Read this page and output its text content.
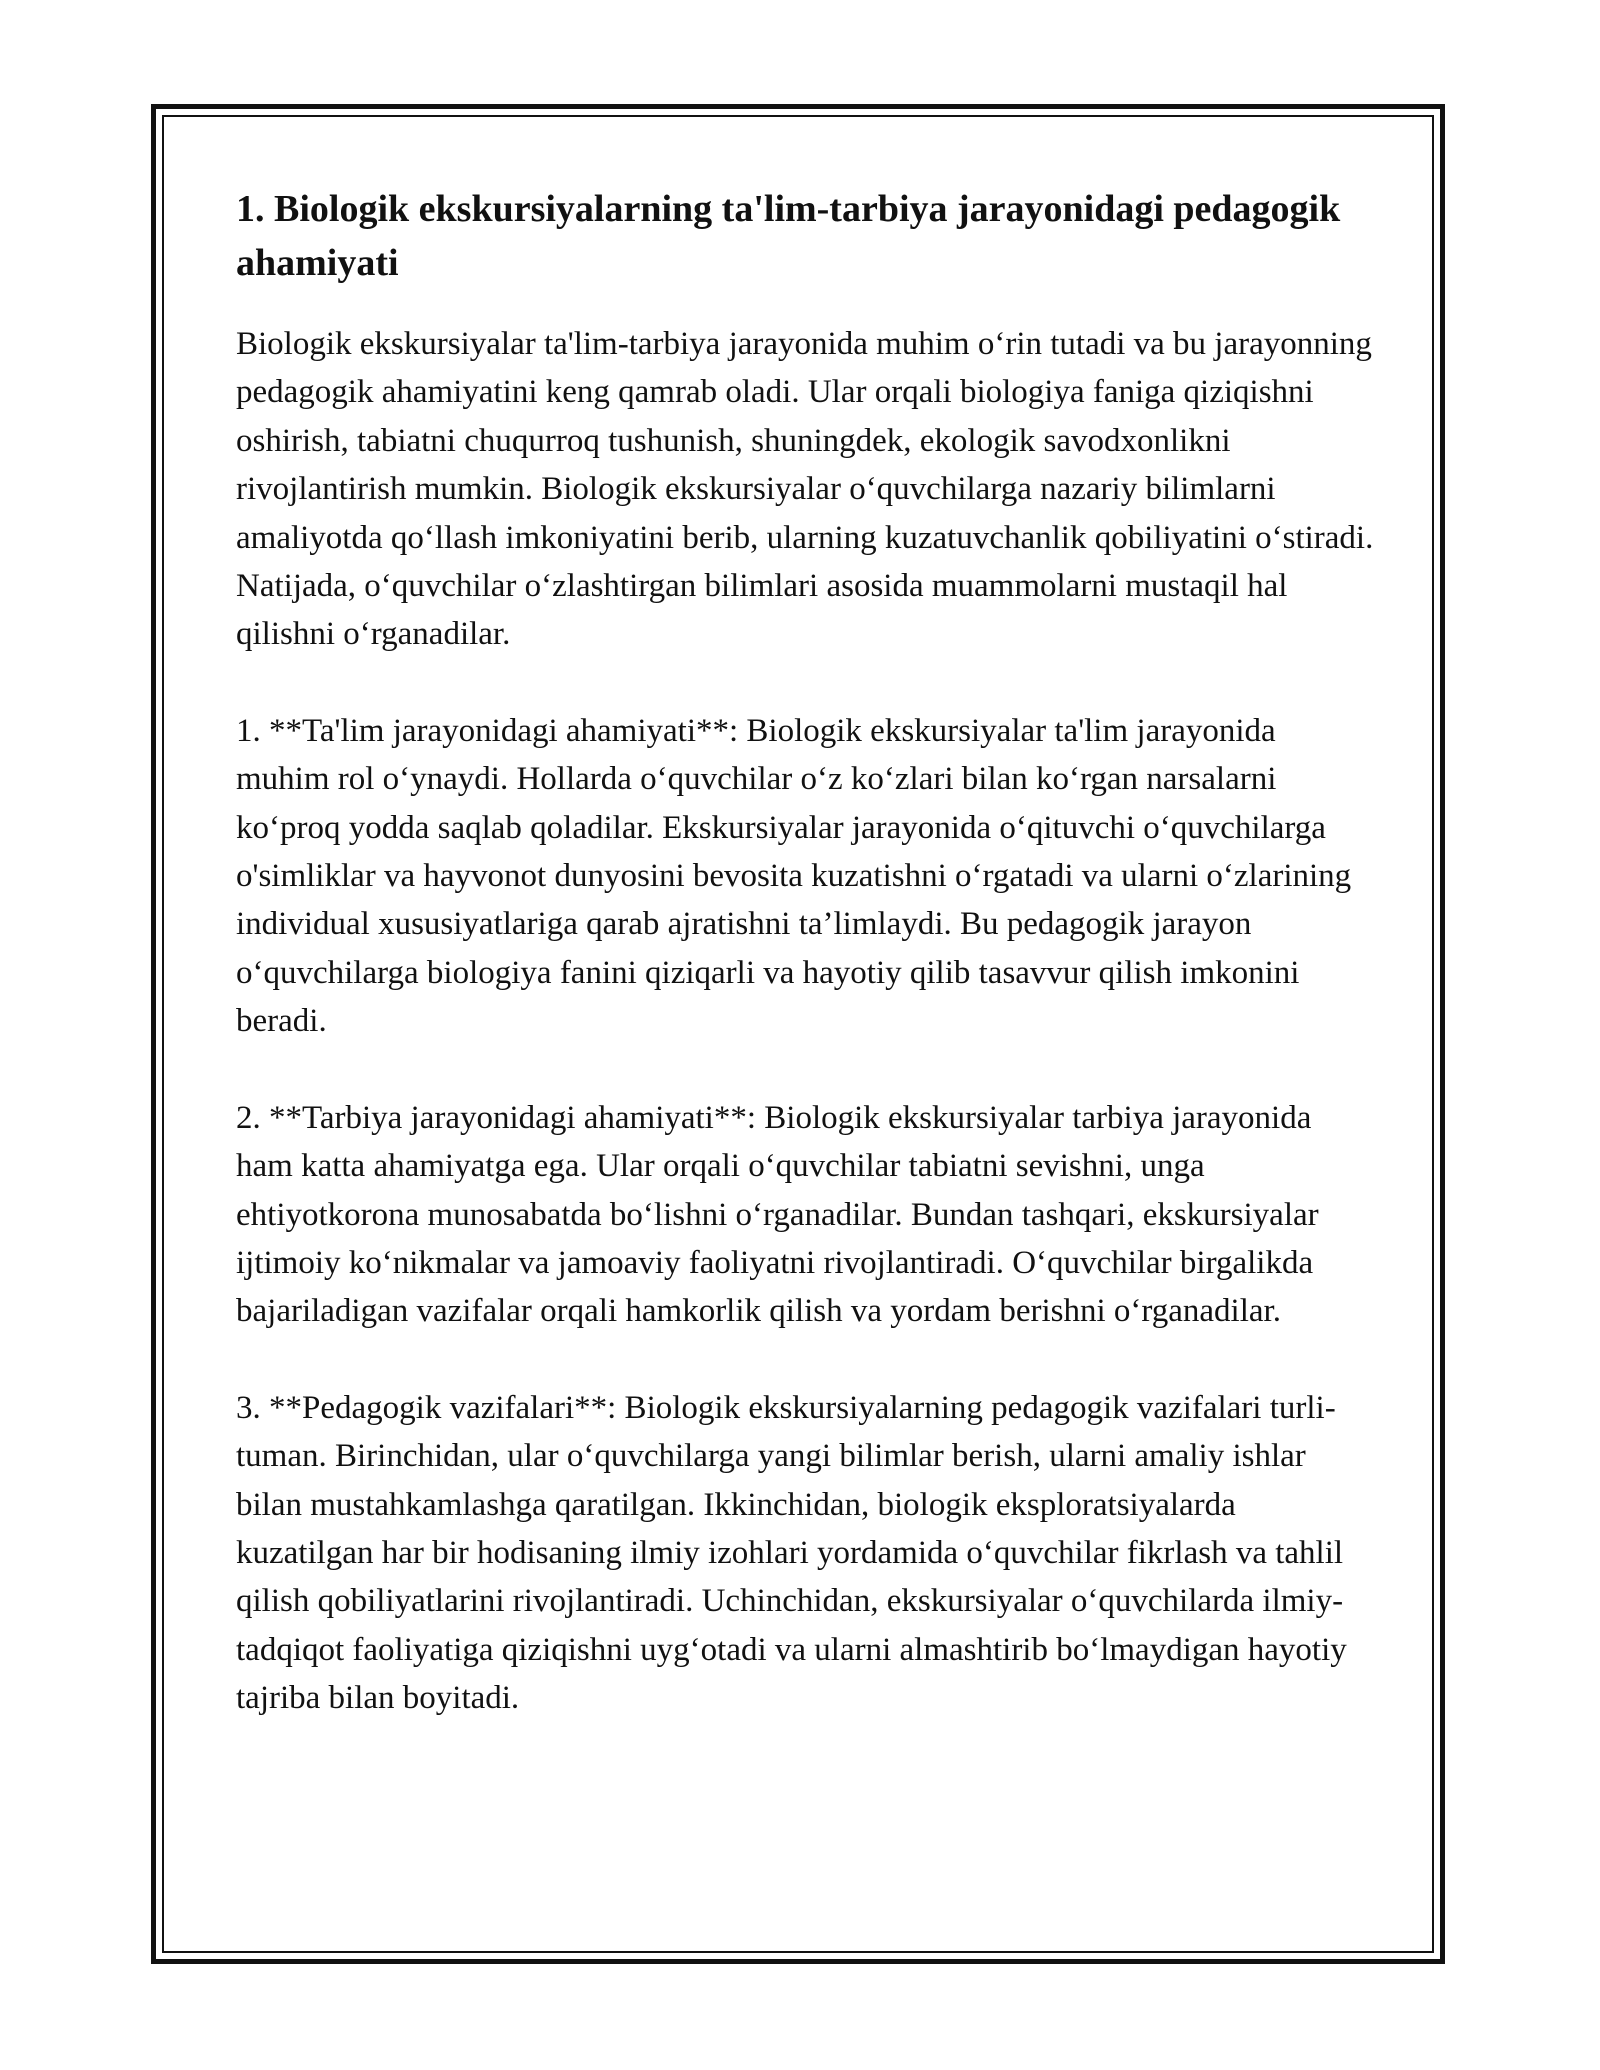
1. Biologik ekskursiyalarning ta'lim-tarbiya jarayonidagi pedagogik ahamiyati

Biologik ekskursiyalar ta'lim-tarbiya jarayonida muhim o‘rin tutadi va bu jarayonning pedagogik ahamiyatini keng qamrab oladi. Ular orqali biologiya faniga qiziqishni oshirish, tabiatni chuqurroq tushunish, shuningdek, ekologik savodxonlikni rivojlantirish mumkin. Biologik ekskursiyalar o‘quvchilarga nazariy bilimlarni amaliyotda qo‘llash imkoniyatini berib, ularning kuzatuvchanlik qobiliyatini o‘stiradi. Natijada, o‘quvchilar o‘zlashtirgan bilimlari asosida muammolarni mustaqil hal qilishni o‘rganadilar.

1. **Ta'lim jarayonidagi ahamiyati**: Biologik ekskursiyalar ta'lim jarayonida muhim rol o‘ynaydi. Hollarda o‘quvchilar o‘z ko‘zlari bilan ko‘rgan narsalarni ko‘proq yodda saqlab qoladilar. Ekskursiyalar jarayonida o‘qituvchi o‘quvchilarga o'simliklar va hayvonot dunyosini bevosita kuzatishni o‘rgatadi va ularni o‘zlarining individual xususiyatlariga qarab ajratishni ta’limlaydi. Bu pedagogik jarayon o‘quvchilarga biologiya fanini qiziqarli va hayotiy qilib tasavvur qilish imkonini beradi.

2. **Tarbiya jarayonidagi ahamiyati**: Biologik ekskursiyalar tarbiya jarayonida ham katta ahamiyatga ega. Ular orqali o‘quvchilar tabiatni sevishni, unga ehtiyotkorona munosabatda bo‘lishni o‘rganadilar. Bundan tashqari, ekskursiyalar ijtimoiy ko‘nikmalar va jamoaviy faoliyatni rivojlantiradi. O‘quvchilar birgalikda bajariladigan vazifalar orqali hamkorlik qilish va yordam berishni o‘rganadilar.

3. **Pedagogik vazifalari**: Biologik ekskursiyalarning pedagogik vazifalari turli-tuman. Birinchidan, ular o‘quvchilarga yangi bilimlar berish, ularni amaliy ishlar bilan mustahkamlashga qaratilgan. Ikkinchidan, biologik eksploratsiyalarda kuzatilgan har bir hodisaning ilmiy izohlari yordamida o‘quvchilar fikrlash va tahlil qilish qobiliyatlarini rivojlantiradi. Uchinchidan, ekskursiyalar o‘quvchilarda ilmiy-tadqiqot faoliyatiga qiziqishni uyg‘otadi va ularni almashtirib bo‘lmaydigan hayotiy tajriba bilan boyitadi.
